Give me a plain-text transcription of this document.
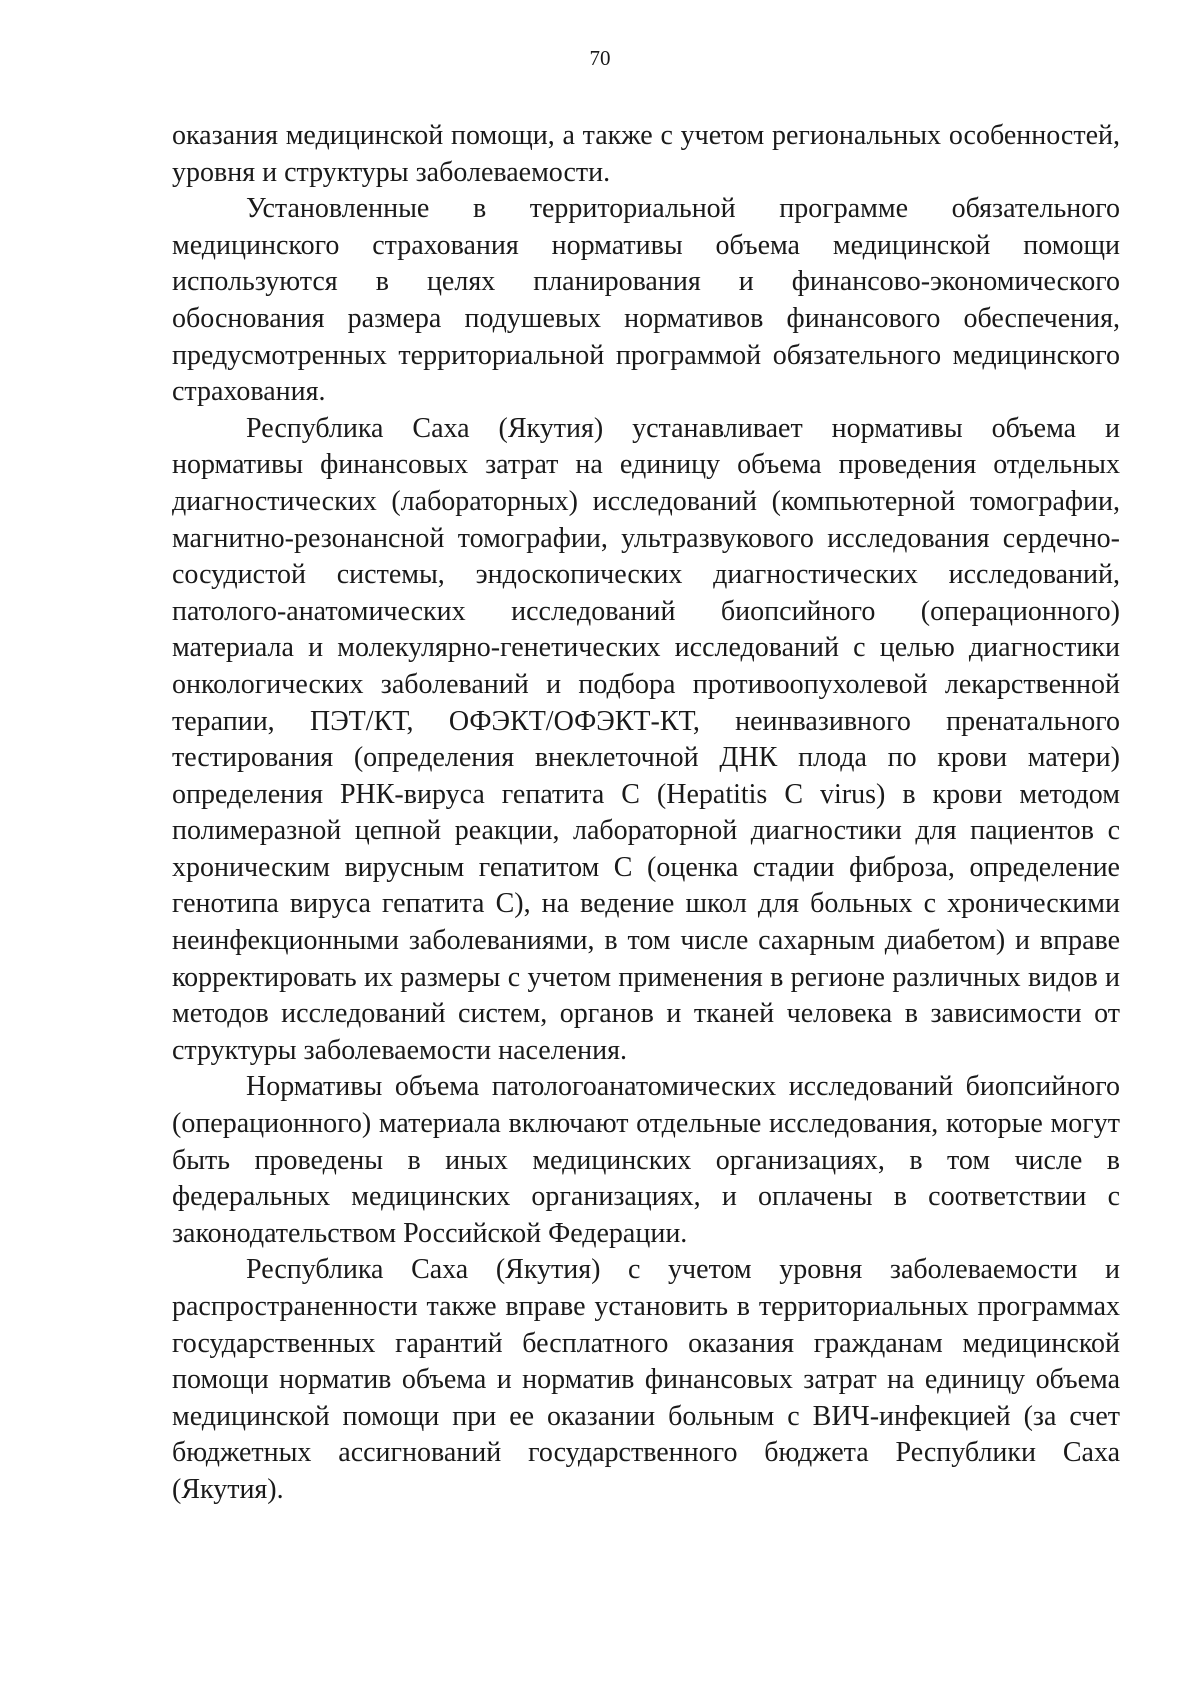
70

оказания медицинской помощи, а также с учетом региональных особенностей, уровня и структуры заболеваемости.

Установленные в территориальной программе обязательного медицинского страхования нормативы объема медицинской помощи используются в целях планирования и финансово-экономического обоснования размера подушевых нормативов финансового обеспечения, предусмотренных территориальной программой обязательного медицинского страхования.

Республика Саха (Якутия) устанавливает нормативы объема и нормативы финансовых затрат на единицу объема проведения отдельных диагностических (лабораторных) исследований (компьютерной томографии, магнитно-резонансной томографии, ультразвукового исследования сердечно-сосудистой системы, эндоскопических диагностических исследований, патолого-анатомических исследований биопсийного (операционного) материала и молекулярно-генетических исследований с целью диагностики онкологических заболеваний и подбора противоопухолевой лекарственной терапии, ПЭТ/КТ, ОФЭКТ/ОФЭКТ-КТ, неинвазивного пренатального тестирования (определения внеклеточной ДНК плода по крови матери) определения РНК-вируса гепатита С (Hepatitis C virus) в крови методом полимеразной цепной реакции, лабораторной диагностики для пациентов с хроническим вирусным гепатитом С (оценка стадии фиброза, определение генотипа вируса гепатита С), на ведение школ для больных с хроническими неинфекционными заболеваниями, в том числе сахарным диабетом) и вправе корректировать их размеры с учетом применения в регионе различных видов и методов исследований систем, органов и тканей человека в зависимости от структуры заболеваемости населения.

Нормативы объема патологоанатомических исследований биопсийного (операционного) материала включают отдельные исследования, которые могут быть проведены в иных медицинских организациях, в том числе в федеральных медицинских организациях, и оплачены в соответствии с законодательством Российской Федерации.

Республика Саха (Якутия) с учетом уровня заболеваемости и распространенности также вправе установить в территориальных программах государственных гарантий бесплатного оказания гражданам медицинской помощи норматив объема и норматив финансовых затрат на единицу объема медицинской помощи при ее оказании больным с ВИЧ-инфекцией (за счет бюджетных ассигнований государственного бюджета Республики Саха (Якутия).
